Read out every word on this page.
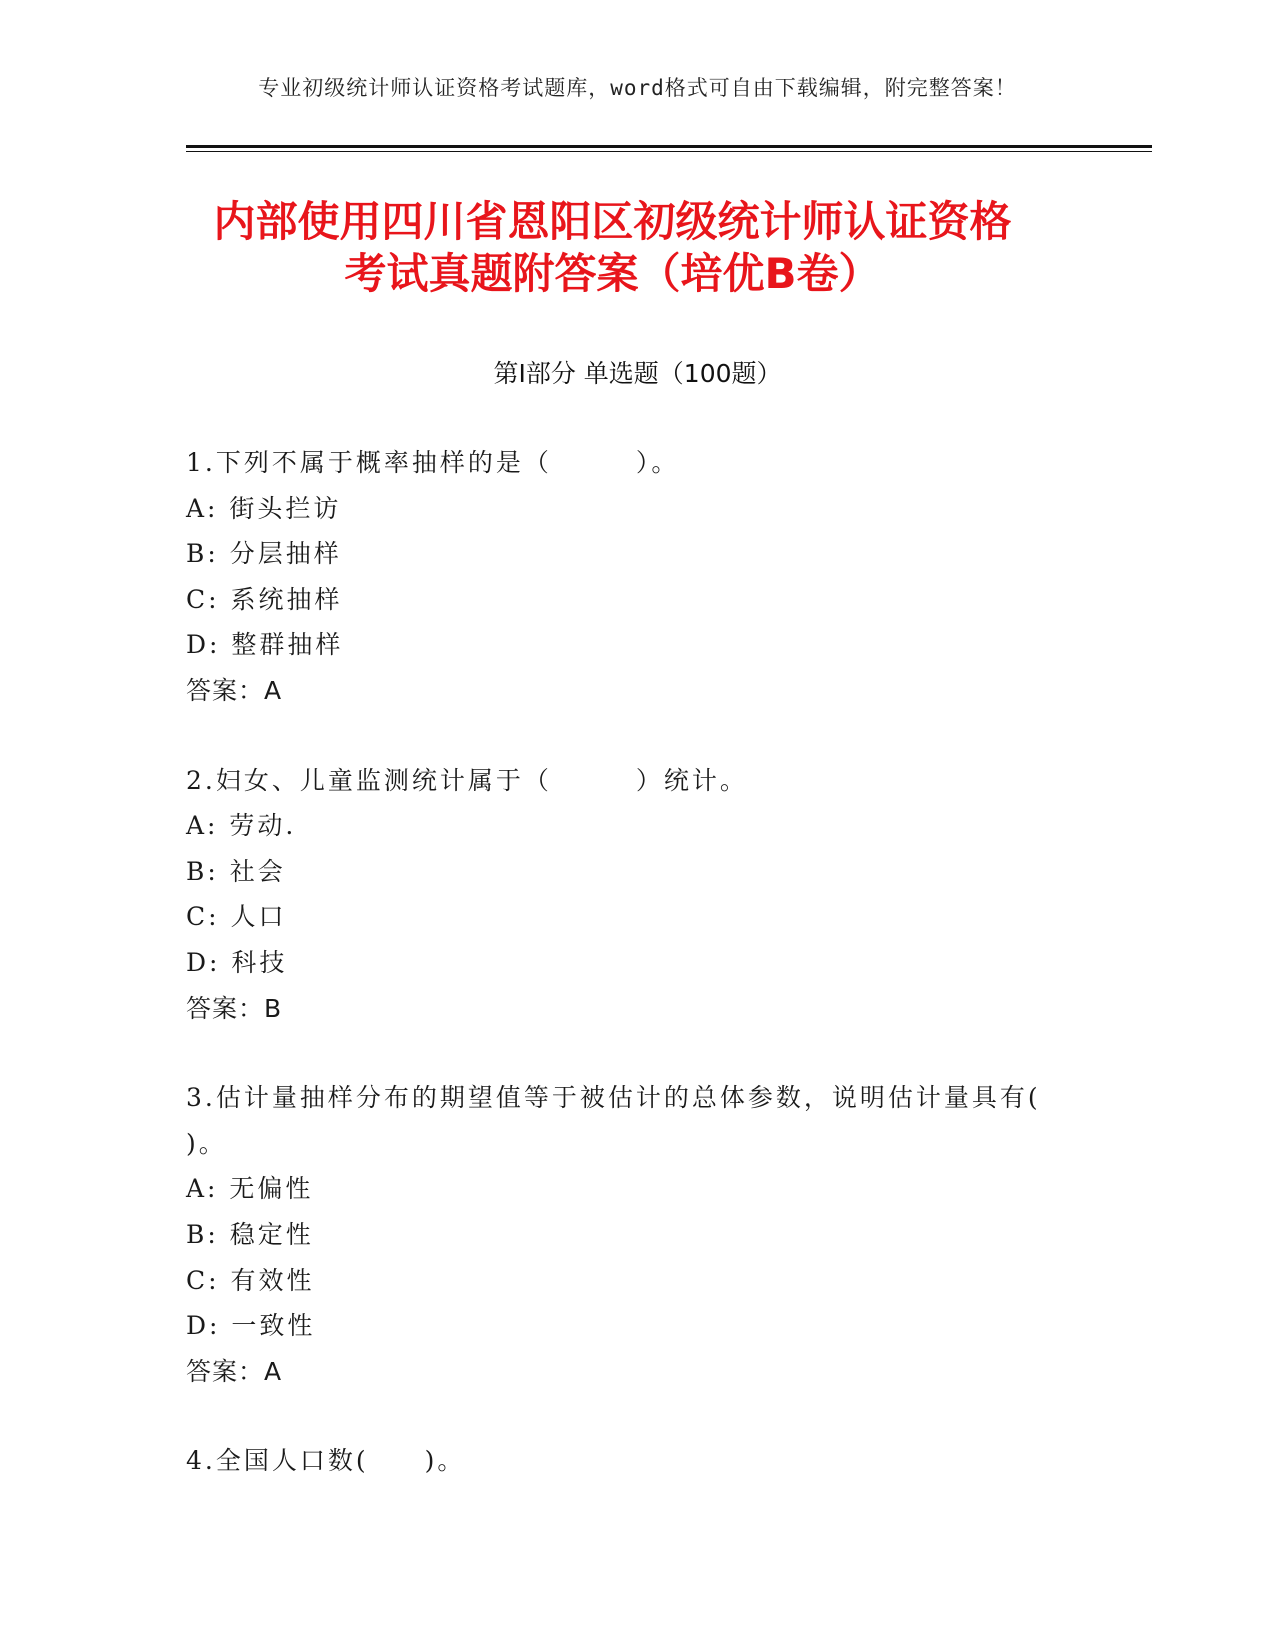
专业初级统计师认证资格考试题库，word格式可自由下载编辑，附完整答案！
内部使用四川省恩阳区初级统计师认证资格
考试真题附答案（培优B卷）
第Ⅰ部分 单选题（100题）
1.下列不属于概率抽样的是（　　　）。
A: 街头拦访
B: 分层抽样
C: 系统抽样
D: 整群抽样
答案：A
2.妇女、儿童监测统计属于（　　　）统计。
A: 劳动.
B: 社会
C: 人口
D: 科技
答案：B
3.估计量抽样分布的期望值等于被估计的总体参数，说明估计量具有(
)。
A: 无偏性
B: 稳定性
C: 有效性
D: 一致性
答案：A
4.全国人口数(　　)。
